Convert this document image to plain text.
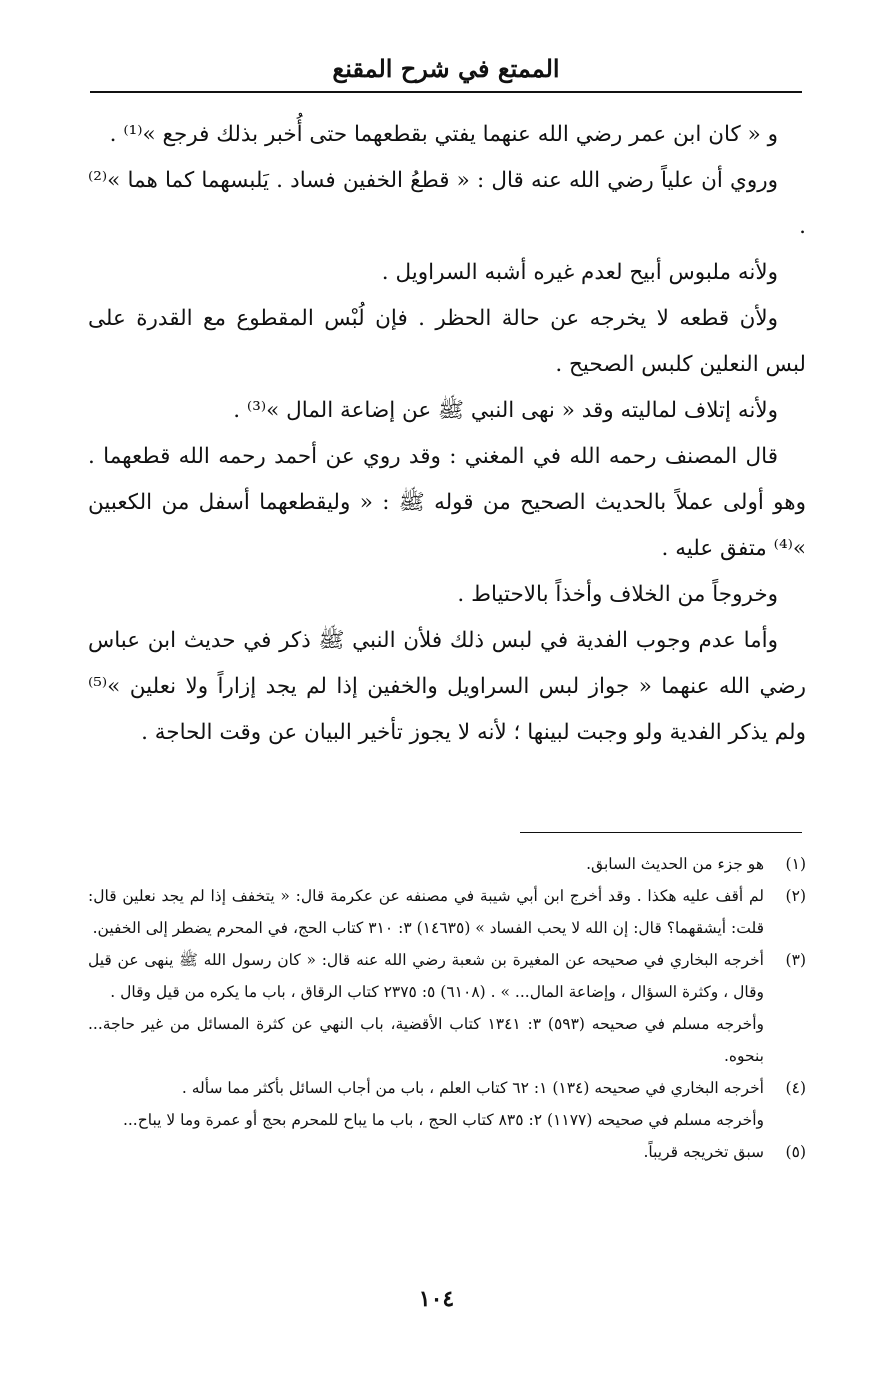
الممتع في شرح المقنع

و « كان ابن عمر رضي الله عنهما يفتي بقطعهما حتى أُخبر بذلك فرجع »⁽¹⁾ .

وروي أن علياً رضي الله عنه قال : « قطعُ الخفين فساد . يَلبسهما كما هما »⁽²⁾ .

ولأنه ملبوس أبيح لعدم غيره أشبه السراويل .

ولأن قطعه لا يخرجه عن حالة الحظر . فإن لُبْس المقطوع مع القدرة على لبس النعلين كلبس الصحيح .

ولأنه إتلاف لماليته وقد « نهى النبي ﷺ عن إضاعة المال »⁽³⁾ .

قال المصنف رحمه الله في المغني : وقد روي عن أحمد رحمه الله قطعهما . وهو أولى عملاً بالحديث الصحيح من قوله ﷺ : « وليقطعهما أسفل من الكعبين »⁽⁴⁾ متفق عليه .

وخروجاً من الخلاف وأخذاً بالاحتياط .

وأما عدم وجوب الفدية في لبس ذلك فلأن النبي ﷺ ذكر في حديث ابن عباس رضي الله عنهما « جواز لبس السراويل والخفين إذا لم يجد إزاراً ولا نعلين »⁽⁵⁾ ولم يذكر الفدية ولو وجبت لبينها ؛ لأنه لا يجوز تأخير البيان عن وقت الحاجة .

(١)
هو جزء من الحديث السابق.
(٢)
لم أقف عليه هكذا . وقد أخرج ابن أبي شيبة في مصنفه عن عكرمة قال: « يتخفف إذا لم يجد نعلين قال: قلت: أيشقهما؟ قال: إن الله لا يحب الفساد » (١٤٦٣٥) ٣: ٣١٠ كتاب الحج، في المحرم يضطر إلى الخفين.
(٣)
أخرجه البخاري في صحيحه عن المغيرة بن شعبة رضي الله عنه قال: « كان رسول الله ﷺ ينهى عن قيل وقال ، وكثرة السؤال ، وإضاعة المال... » . (٦١٠٨) ٥: ٢٣٧٥ كتاب الرقاق ، باب ما يكره من قيل وقال .

وأخرجه مسلم في صحيحه (٥٩٣) ٣: ١٣٤١ كتاب الأقضية، باب النهي عن كثرة المسائل من غير حاجة... بنحوه.

(٤)
أخرجه البخاري في صحيحه (١٣٤) ١: ٦٢ كتاب العلم ، باب من أجاب السائل بأكثر مما سأله .

وأخرجه مسلم في صحيحه (١١٧٧) ٢: ٨٣٥ كتاب الحج ، باب ما يباح للمحرم بحج أو عمرة وما لا يباح...

(٥)
سبق تخريجه قريباً.
١٠٤
